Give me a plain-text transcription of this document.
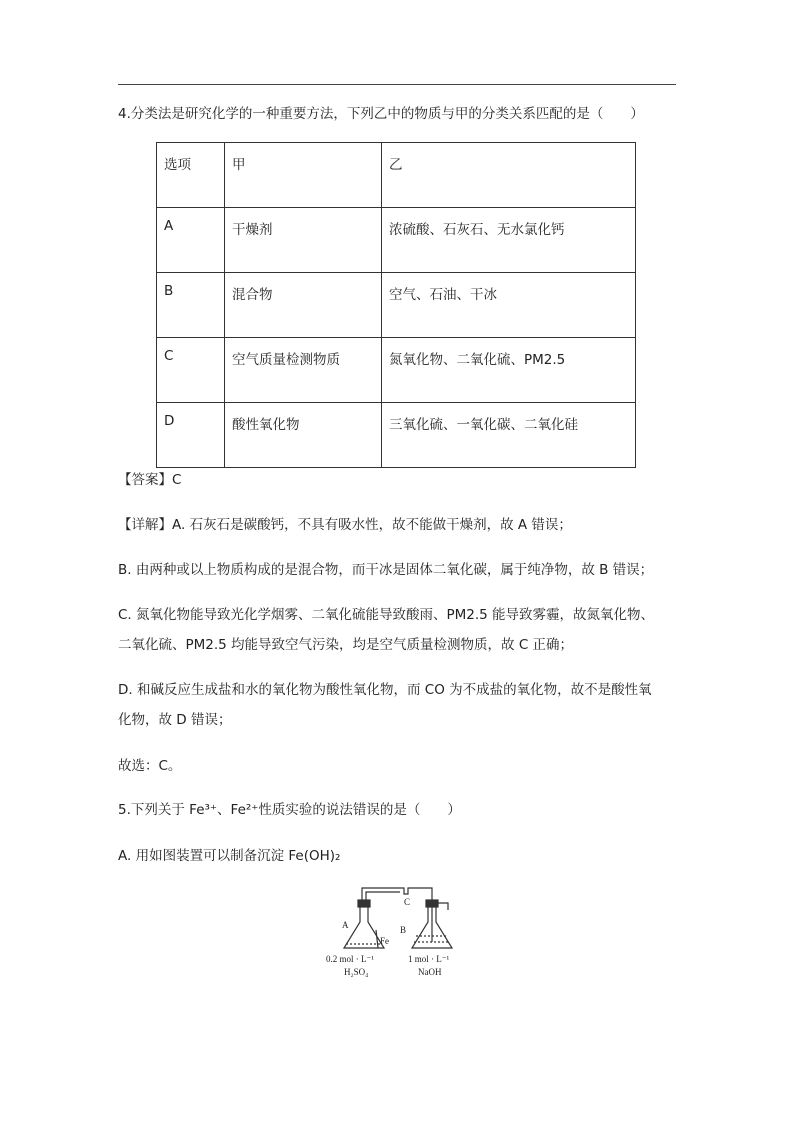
4.分类法是研究化学的一种重要方法，下列乙中的物质与甲的分类关系匹配的是（　　）
选项	甲	乙
A	干燥剂	浓硫酸、石灰石、无水氯化钙
B	混合物	空气、石油、干冰
C	空气质量检测物质	氮氧化物、二氧化硫、PM2.5
D	酸性氧化物	三氧化硫、一氧化碳、二氧化硅
【答案】C
【详解】A. 石灰石是碳酸钙，不具有吸水性，故不能做干燥剂，故 A 错误；
B. 由两种或以上物质构成的是混合物，而干冰是固体二氧化碳，属于纯净物，故 B 错误；
C. 氮氧化物能导致光化学烟雾、二氧化硫能导致酸雨、PM2.5 能导致雾霾，故氮氧化物、
二氧化硫、PM2.5 均能导致空气污染，均是空气质量检测物质，故 C 正确；
D. 和碱反应生成盐和水的氧化物为酸性氧化物，而 CO 为不成盐的氧化物，故不是酸性氧
化物，故 D 错误；
故选：C。
5.下列关于 Fe³⁺、Fe²⁺性质实验的说法错误的是（　　）
A. 用如图装置可以制备沉淀 Fe(OH)₂
C
A
Fe
B
0.2 mol · L⁻¹
H₂SO₄
1 mol · L⁻¹
NaOH
